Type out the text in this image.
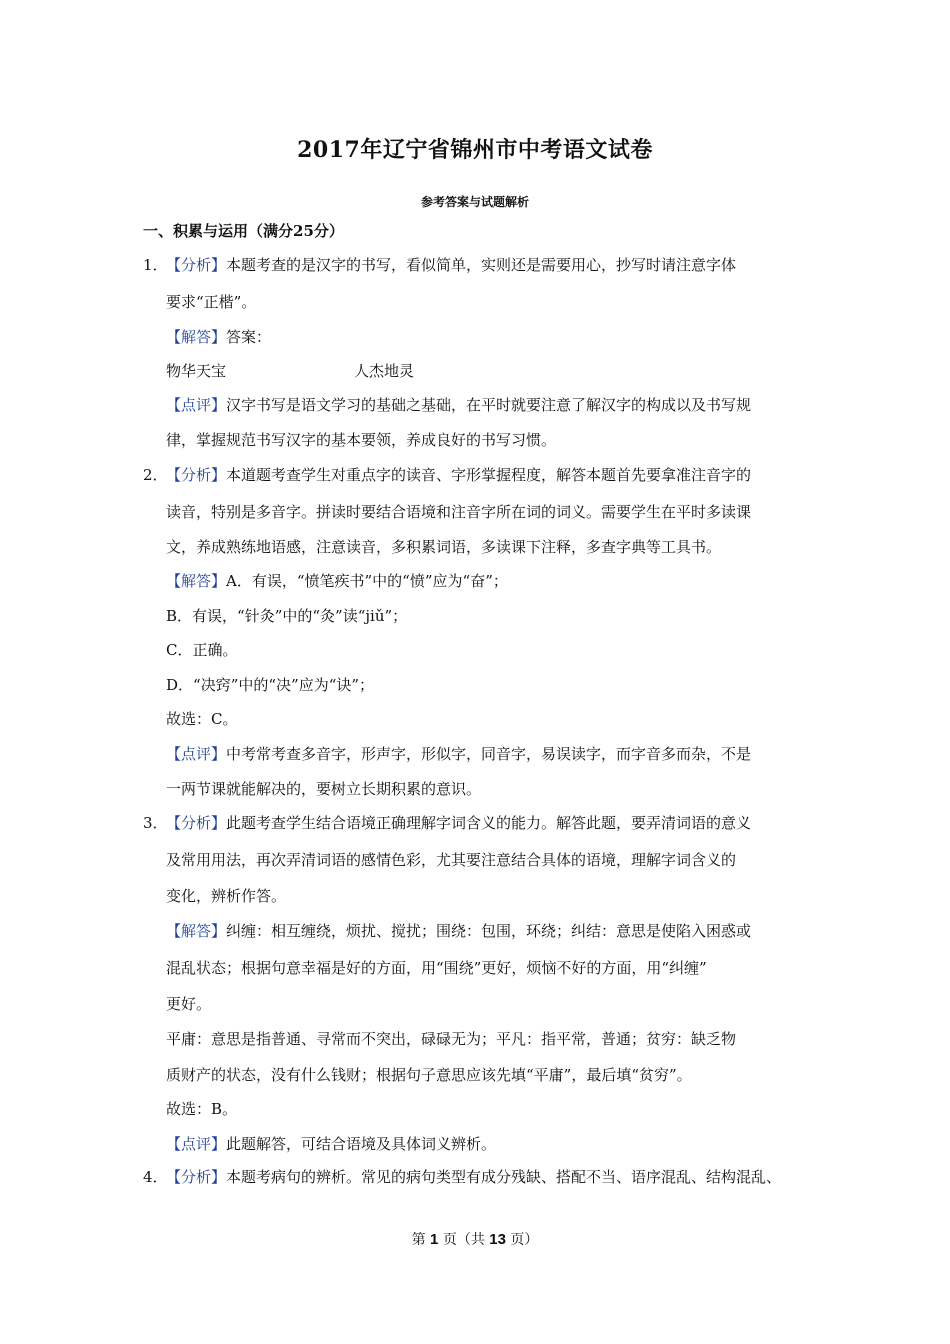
2017年辽宁省锦州市中考语文试卷
参考答案与试题解析
一、积累与运用（满分25分）
1．
【分析】本题考查的是汉字的书写，看似简单，实则还是需要用心，抄写时请注意字体
要求“正楷”。
【解答】答案：
物华天宝	人杰地灵
【点评】汉字书写是语文学习的基础之基础，在平时就要注意了解汉字的构成以及书写规
律，掌握规范书写汉字的基本要领，养成良好的书写习惯。
2．
【分析】本道题考查学生对重点字的读音、字形掌握程度，解答本题首先要拿准注音字的
读音，特别是多音字。拼读时要结合语境和注音字所在词的词义。需要学生在平时多读课
文，养成熟练地语感，注意读音，多积累词语，多读课下注释，多查字典等工具书。
【解答】A．有误，“愤笔疾书”中的“愤”应为“奋”；
B．有误，“针灸”中的“灸”读“jiǔ”；
C．正确。
D．“决窍”中的“决”应为“诀”；
故选：C。
【点评】中考常考查多音字，形声字，形似字，同音字，易误读字，而字音多而杂，不是
一两节课就能解决的，要树立长期积累的意识。
3．
【分析】此题考查学生结合语境正确理解字词含义的能力。解答此题，要弄清词语的意义
及常用用法，再次弄清词语的感情色彩，尤其要注意结合具体的语境，理解字词含义的
变化，辨析作答。
【解答】纠缠：相互缠绕，烦扰、搅扰；围绕：包围，环绕；纠结：意思是使陷入困惑或
混乱状态；根据句意幸福是好的方面，用“围绕”更好，烦恼不好的方面，用“纠缠”
更好。
平庸：意思是指普通、寻常而不突出，碌碌无为；平凡：指平常，普通；贫穷：缺乏物
质财产的状态，没有什么钱财；根据句子意思应该先填“平庸”，最后填“贫穷”。
故选：B。
【点评】此题解答，可结合语境及具体词义辨析。
4．
【分析】本题考病句的辨析。常见的病句类型有成分残缺、搭配不当、语序混乱、结构混乱、
第 1 页（共 13 页）
